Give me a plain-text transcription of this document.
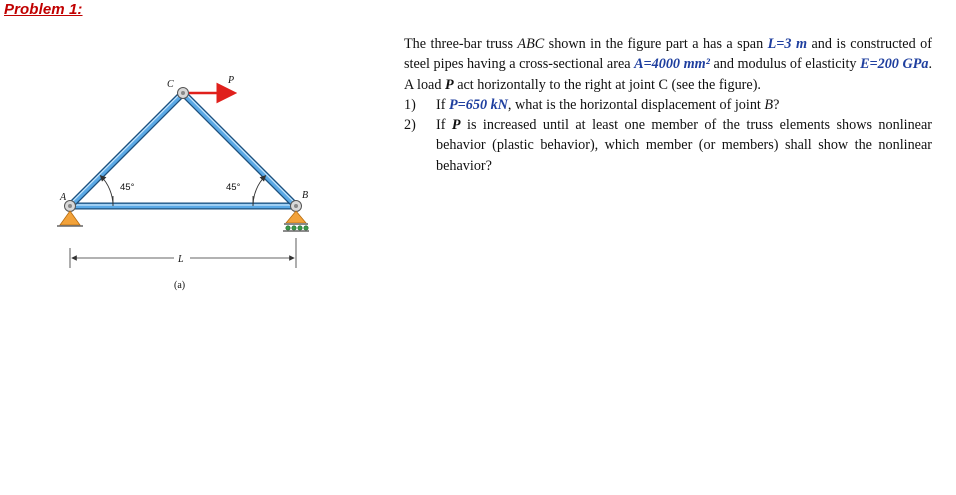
Problem 1:
C	P
A	B
45°	45°
L
(a)

The three-bar truss ABC shown in the figure part a has a span L=3 m and is constructed of steel pipes having a cross-sectional area A=4000 mm² and modulus of elasticity E=200 GPa. A load P act horizontally to the right at joint C (see the figure).

1)	If P=650 kN, what is the horizontal displacement of joint B?
2)	If P is increased until at least one member of the truss elements shows nonlinear behavior (plastic behavior), which member (or members) shall show the nonlinear behavior?
